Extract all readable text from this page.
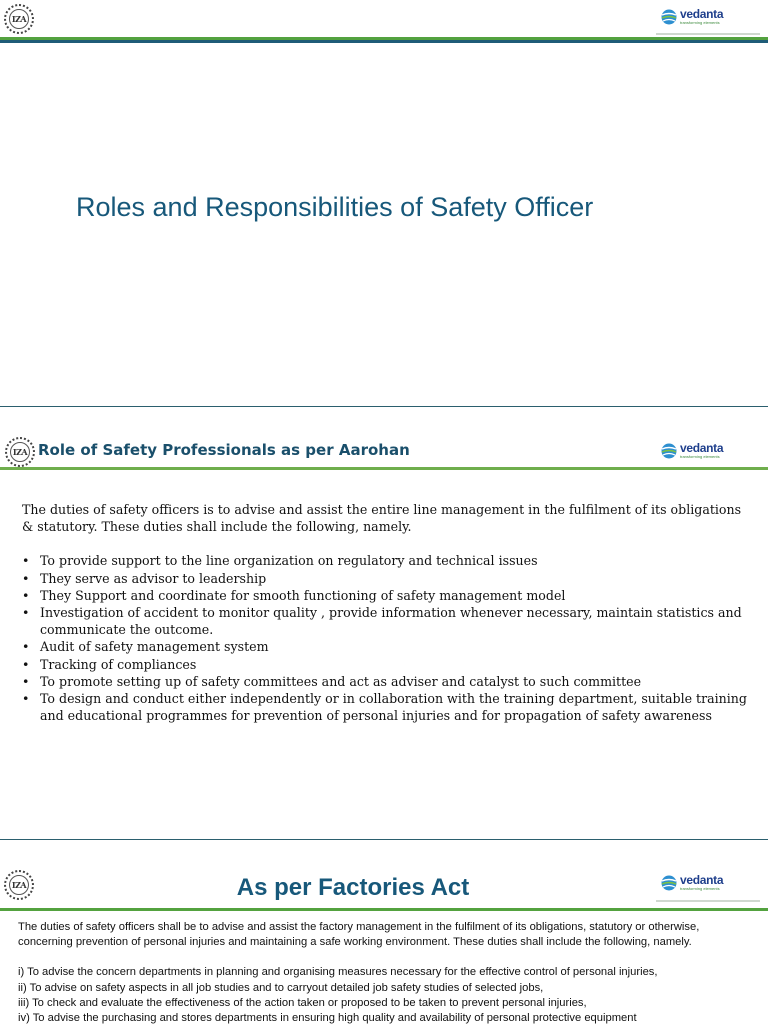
IZA	vedanta
transforming elements
Roles and Responsibilities of Safety Officer
IZA Role of Safety Professionals as per Aarohan	vedanta
transforming elements

The duties of safety officers is to advise and assist the entire line management in the fulfilment of its obligations & statutory. These duties shall include the following, namely.

• To provide support to the line organization on regulatory and technical issues
• They serve as advisor to leadership
• They Support and coordinate for smooth functioning of safety management model
• Investigation of accident to monitor quality , provide information whenever necessary, maintain statistics and communicate the outcome.
• Audit of safety management system
• Tracking of compliances
• To promote setting up of safety committees and act as adviser and catalyst to such committee
• To design and conduct either independently or in collaboration with the training department, suitable training and educational programmes for prevention of personal injuries and for propagation of safety awareness
IZA	As per Factories Act	vedanta
transforming elements

The duties of safety officers shall be to advise and assist the factory management in the fulfilment of its obligations, statutory or otherwise, concerning prevention of personal injuries and maintaining a safe working environment. These duties shall include the following, namely.

i) To advise the concern departments in planning and organising measures necessary for the effective control of personal injuries,
ii) To advise on safety aspects in all job studies and to carryout detailed job safety studies of selected jobs,
iii) To check and evaluate the effectiveness of the action taken or proposed to be taken to prevent personal injuries,
iv) To advise the purchasing and stores departments in ensuring high quality and availability of personal protective equipment
